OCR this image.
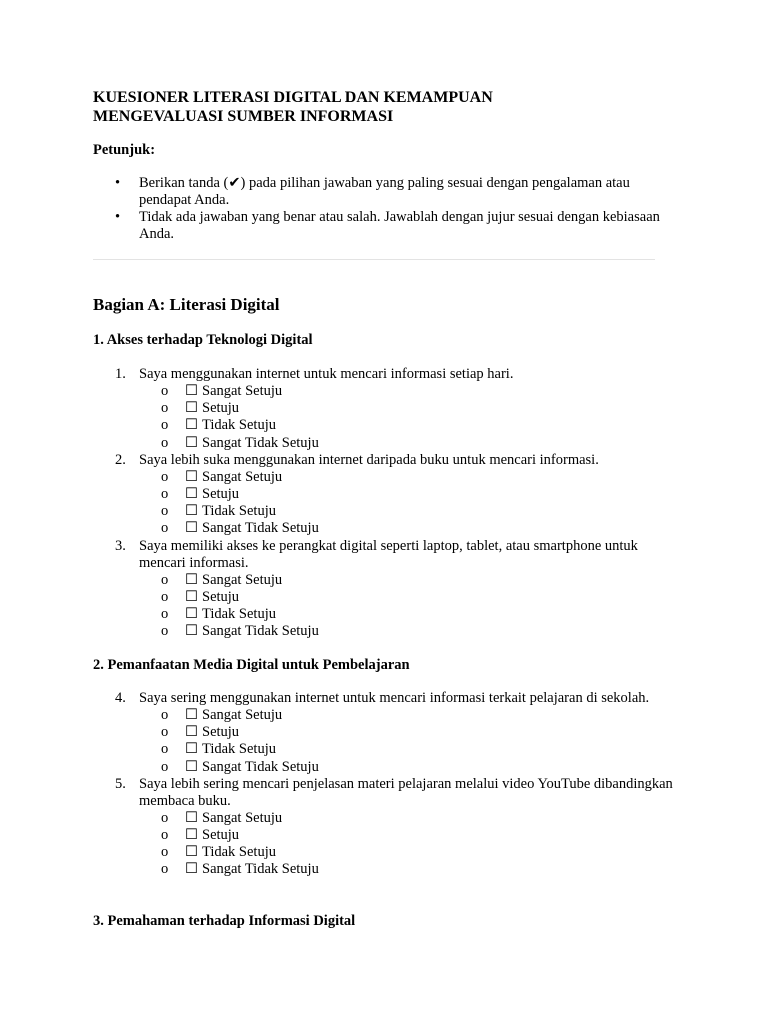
KUESIONER LITERASI DIGITAL DAN KEMAMPUAN
MENGEVALUASI SUMBER INFORMASI

Petunjuk:

• Berikan tanda (✔) pada pilihan jawaban yang paling sesuai dengan pengalaman atau pendapat Anda.
• Tidak ada jawaban yang benar atau salah. Jawablah dengan jujur sesuai dengan kebiasaan Anda.
Bagian A: Literasi Digital

1. Akses terhadap Teknologi Digital

1. Saya menggunakan internet untuk mencari informasi setiap hari.
o ☐ Sangat Setuju
o ☐ Setuju
o ☐ Tidak Setuju
o ☐ Sangat Tidak Setuju
2. Saya lebih suka menggunakan internet daripada buku untuk mencari informasi.
o ☐ Sangat Setuju
o ☐ Setuju
o ☐ Tidak Setuju
o ☐ Sangat Tidak Setuju
3. Saya memiliki akses ke perangkat digital seperti laptop, tablet, atau smartphone untuk mencari informasi.
o ☐ Sangat Setuju
o ☐ Setuju
o ☐ Tidak Setuju
o ☐ Sangat Tidak Setuju

2. Pemanfaatan Media Digital untuk Pembelajaran

4. Saya sering menggunakan internet untuk mencari informasi terkait pelajaran di sekolah.
o ☐ Sangat Setuju
o ☐ Setuju
o ☐ Tidak Setuju
o ☐ Sangat Tidak Setuju
5. Saya lebih sering mencari penjelasan materi pelajaran melalui video YouTube dibandingkan membaca buku.
o ☐ Sangat Setuju
o ☐ Setuju
o ☐ Tidak Setuju
o ☐ Sangat Tidak Setuju

3. Pemahaman terhadap Informasi Digital
